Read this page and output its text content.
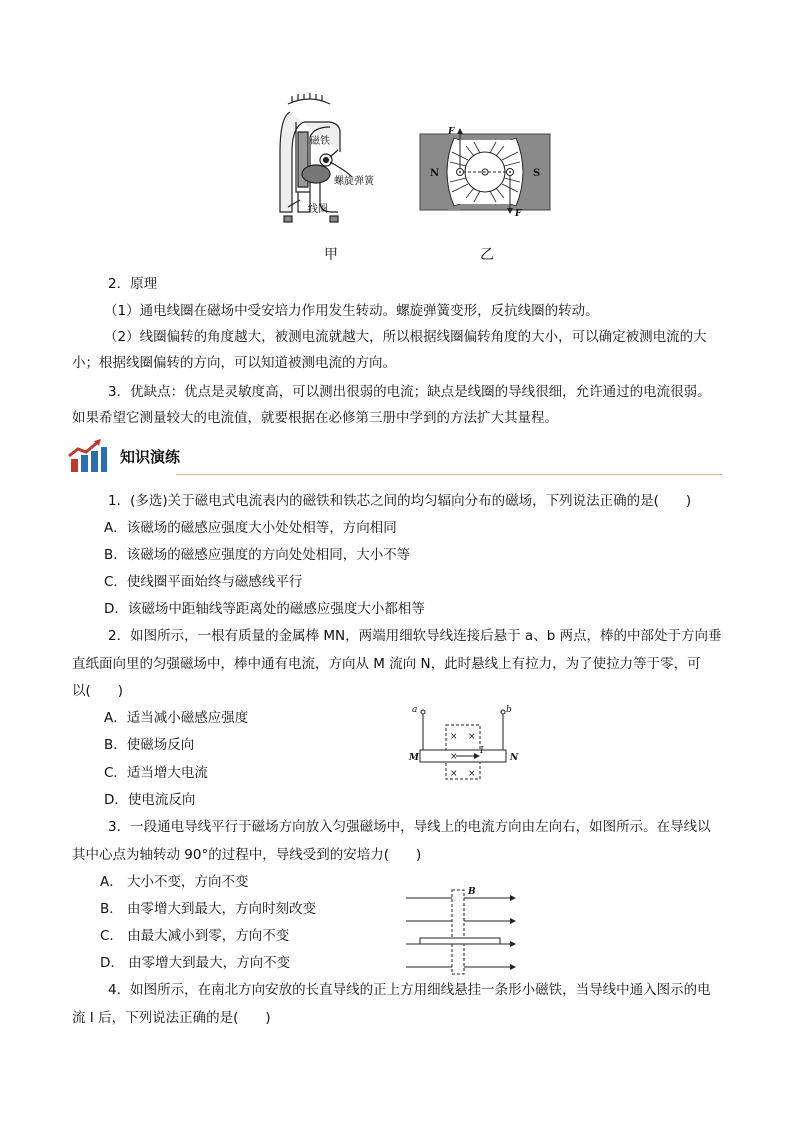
磁铁
螺旋弹簧
线圈
甲
N	S
F
F
乙
2．原理
（1）通电线圈在磁场中受安培力作用发生转动。螺旋弹簧变形，反抗线圈的转动。
（2）线圈偏转的角度越大，被测电流就越大，所以根据线圈偏转角度的大小，可以确定被测电流的大
小；根据线圈偏转的方向，可以知道被测电流的方向。
3．优缺点：优点是灵敏度高，可以测出很弱的电流；缺点是线圈的导线很细，允许通过的电流很弱。
如果希望它测量较大的电流值，就要根据在必修第三册中学到的方法扩大其量程。
知识演练
1．(多选)关于磁电式电流表内的磁铁和铁芯之间的均匀辐向分布的磁场，下列说法正确的是(　　)
A．该磁场的磁感应强度大小处处相等，方向相同
B．该磁场的磁感应强度的方向处处相同，大小不等
C．使线圈平面始终与磁感线平行
D．该磁场中距轴线等距离处的磁感应强度大小都相等
2．如图所示，一根有质量的金属棒 MN，两端用细软导线连接后悬于 a、b 两点，棒的中部处于方向垂
直纸面向里的匀强磁场中，棒中通有电流，方向从 M 流向 N，此时悬线上有拉力，为了使拉力等于零，可
以(　　)
A．适当减小磁感应强度
B．使磁场反向
C．适当增大电流
D．使电流反向
a	b
M	N
I
× ×
×
× ×
3．一段通电导线平行于磁场方向放入匀强磁场中，导线上的电流方向由左向右，如图所示。在导线以
其中心点为轴转动 90°的过程中，导线受到的安培力(　　)
A． 大小不变，方向不变
B． 由零增大到最大，方向时刻改变
C． 由最大减小到零，方向不变
D． 由零增大到最大，方向不变
B
4．如图所示，在南北方向安放的长直导线的正上方用细线悬挂一条形小磁铁，当导线中通入图示的电
流 I 后，下列说法正确的是(　　)
